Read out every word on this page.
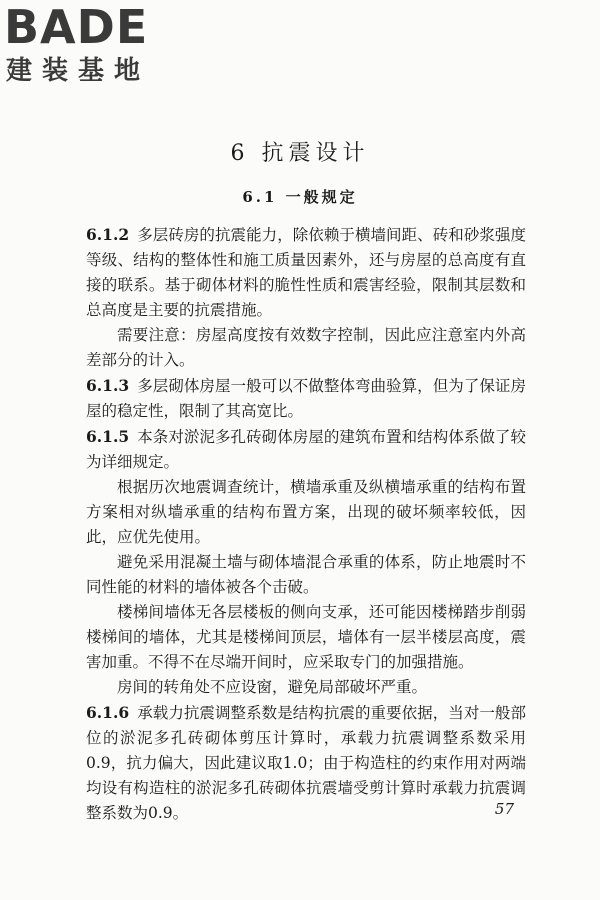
BADE
建装基地
6 抗震设计
6.1 一般规定

6.1.2 多层砖房的抗震能力，除依赖于横墙间距、砖和砂浆强度等级、结构的整体性和施工质量因素外，还与房屋的总高度有直接的联系。基于砌体材料的脆性性质和震害经验，限制其层数和总高度是主要的抗震措施。

需要注意：房屋高度按有效数字控制，因此应注意室内外高差部分的计入。

6.1.3 多层砌体房屋一般可以不做整体弯曲验算，但为了保证房屋的稳定性，限制了其高宽比。

6.1.5 本条对淤泥多孔砖砌体房屋的建筑布置和结构体系做了较为详细规定。

根据历次地震调查统计，横墙承重及纵横墙承重的结构布置方案相对纵墙承重的结构布置方案，出现的破坏频率较低，因此，应优先使用。

避免采用混凝土墙与砌体墙混合承重的体系，防止地震时不同性能的材料的墙体被各个击破。

楼梯间墙体无各层楼板的侧向支承，还可能因楼梯踏步削弱楼梯间的墙体，尤其是楼梯间顶层，墙体有一层半楼层高度，震害加重。不得不在尽端开间时，应采取专门的加强措施。

房间的转角处不应设窗，避免局部破坏严重。

6.1.6 承载力抗震调整系数是结构抗震的重要依据，当对一般部位的淤泥多孔砖砌体剪压计算时，承载力抗震调整系数采用0.9，抗力偏大，因此建议取1.0；由于构造柱的约束作用对两端均设有构造柱的淤泥多孔砖砌体抗震墙受剪计算时承载力抗震调整系数为0.9。	57
